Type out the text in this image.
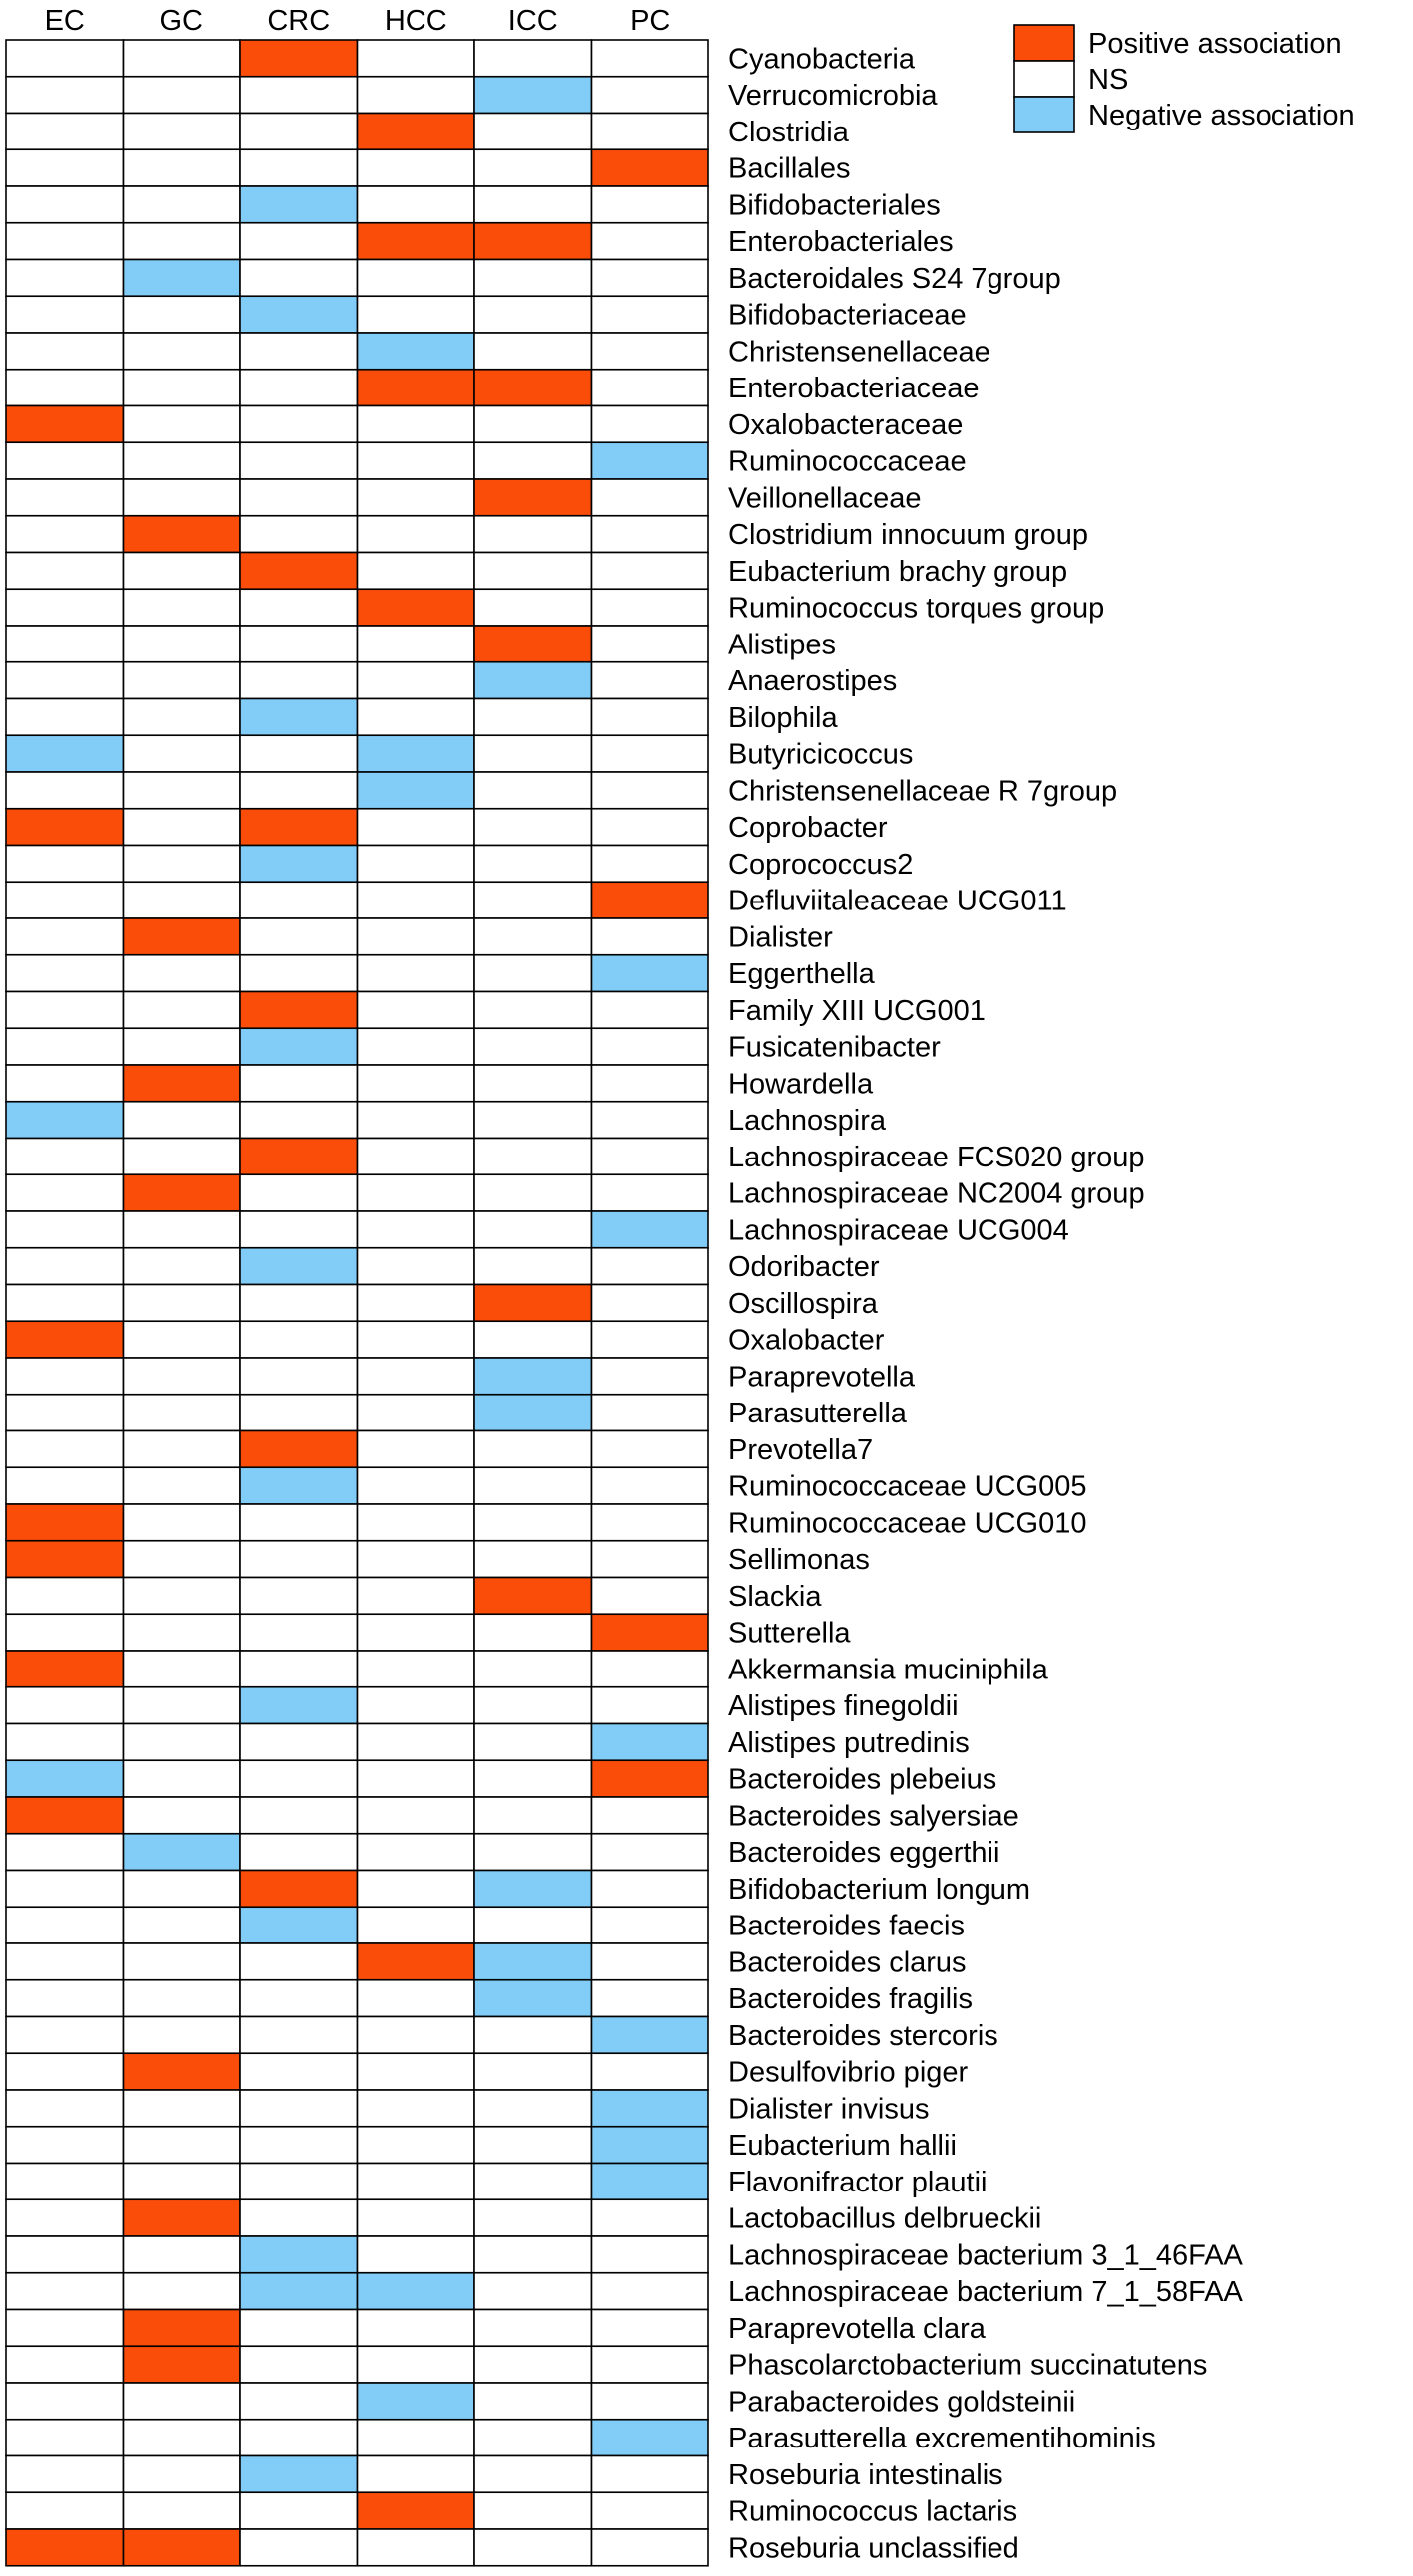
EC	GC CRC HCC ICC PC
Cyanobacteria
Verrucomicrobia
Clostridia
Bacillales
Bifidobacteriales
Enterobacteriales
Bacteroidales S24 7group
Bifidobacteriaceae
Christensenellaceae
Enterobacteriaceae
Oxalobacteraceae
Ruminococcaceae
Veillonellaceae
Clostridium innocuum group
Eubacterium brachy group
Ruminococcus torques group
Alistipes
Anaerostipes
Bilophila
Butyricicoccus
Christensenellaceae R 7group
Coprobacter
Coprococcus2
Defluviitaleaceae UCG011
Dialister
Eggerthella
Family XIII UCG001
Fusicatenibacter
Howardella
Lachnospira
Lachnospiraceae FCS020 group
Lachnospiraceae NC2004 group
Lachnospiraceae UCG004
Odoribacter
Oscillospira
Oxalobacter
Paraprevotella
Parasutterella
Prevotella7
Ruminococcaceae UCG005
Ruminococcaceae UCG010
Sellimonas
Slackia
Sutterella
Akkermansia muciniphila
Alistipes finegoldii
Alistipes putredinis
Bacteroides plebeius
Bacteroides salyersiae
Bacteroides eggerthii
Bifidobacterium longum
Bacteroides faecis
Bacteroides clarus
Bacteroides fragilis
Bacteroides stercoris
Desulfovibrio piger
Dialister invisus
Eubacterium hallii
Flavonifractor plautii
Lactobacillus delbrueckii
Lachnospiraceae bacterium 3_1_46FAA
Lachnospiraceae bacterium 7_1_58FAA
Paraprevotella clara
Phascolarctobacterium succinatutens
Parabacteroides goldsteinii
Parasutterella excrementihominis
Roseburia intestinalis
Ruminococcus lactaris
Roseburia unclassified
Positive association
NS
Negative association
